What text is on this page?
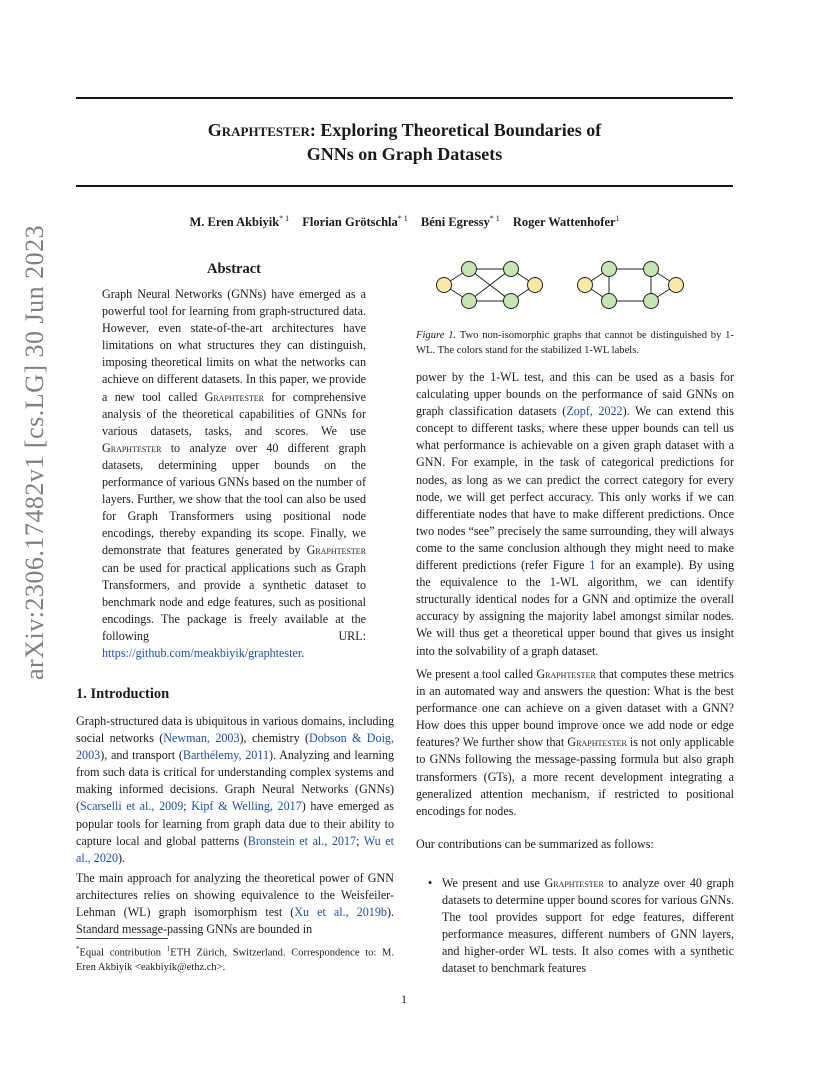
Graphtester: Exploring Theoretical Boundaries of
GNNs on Graph Datasets
M. Eren Akbiyik$^{* 1}$ Florian Grötschla$^{* 1}$ Béni Egressy$^{* 1}$ Roger Wattenhofer$^1$
arXiv:2306.17482v1 [cs.LG] 30 Jun 2023	Abstract

Graph Neural Networks (GNNs) have emerged as a powerful tool for learning from graph-structured data. However, even state-of-the-art architectures have limitations on what structures they can distinguish, imposing theoretical limits on what the networks can achieve on different datasets. In this paper, we provide a new tool called Graphtester for comprehensive analysis of the theoretical capabilities of GNNs for various datasets, tasks, and scores. We use Graphtester to analyze over 40 different graph datasets, determining upper bounds on the performance of various GNNs based on the number of layers. Further, we show that the tool can also be used for Graph Transformers using positional node encodings, thereby expanding its scope. Finally, we demonstrate that features generated by Graphtester can be used for practical applications such as Graph Transformers, and provide a synthetic dataset to benchmark node and edge features, such as positional encodings. The package is freely available at the following URL: https://github.com/meakbiyik/graphtester.

1. Introduction

Graph-structured data is ubiquitous in various domains, including social networks (Newman, 2003), chemistry (Dobson & Doig, 2003), and transport (Barthélemy, 2011). Analyzing and learning from such data is critical for understanding complex systems and making informed decisions. Graph Neural Networks (GNNs) (Scarselli et al., 2009; Kipf & Welling, 2017) have emerged as popular tools for learning from graph data due to their ability to capture local and global patterns (Bronstein et al., 2017; Wu et al., 2020).

The main approach for analyzing the theoretical power of GNN architectures relies on showing equivalence to the Weisfeiler-Lehman (WL) graph isomorphism test (Xu et al., 2019b). Standard message-passing GNNs are bounded in

*Equal contribution $^1$ETH Zürich, Switzerland. Correspondence to: M. Eren Akbiyik <eakbiyik@ethz.ch>.

1

Figure 1. Two non-isomorphic graphs that cannot be distinguished by 1-WL. The colors stand for the stabilized 1-WL labels.

power by the 1-WL test, and this can be used as a basis for calculating upper bounds on the performance of said GNNs on graph classification datasets (Zopf, 2022). We can extend this concept to different tasks, where these upper bounds can tell us what performance is achievable on a given graph dataset with a GNN. For example, in the task of categorical predictions for nodes, as long as we can predict the correct category for every node, we will get perfect accuracy. This only works if we can differentiate nodes that have to make different predictions. Once two nodes “see” precisely the same surrounding, they will always come to the same conclusion although they might need to make different predictions (refer Figure 1 for an example). By using the equivalence to the 1-WL algorithm, we can identify structurally identical nodes for a GNN and optimize the overall accuracy by assigning the majority label amongst similar nodes. We will thus get a theoretical upper bound that gives us insight into the solvability of a graph dataset.

We present a tool called Graphtester that computes these metrics in an automated way and answers the question: What is the best performance one can achieve on a given dataset with a GNN? How does this upper bound improve once we add node or edge features? We further show that Graphtester is not only applicable to GNNs following the message-passing formula but also graph transformers (GTs), a more recent development integrating a generalized attention mechanism, if restricted to positional encodings for nodes.

Our contributions can be summarized as follows:

• We present and use Graphtester to analyze over 40 graph datasets to determine upper bound scores for various GNNs. The tool provides support for edge features, different performance measures, different numbers of GNN layers, and higher-order WL tests. It also comes with a synthetic dataset to benchmark features
